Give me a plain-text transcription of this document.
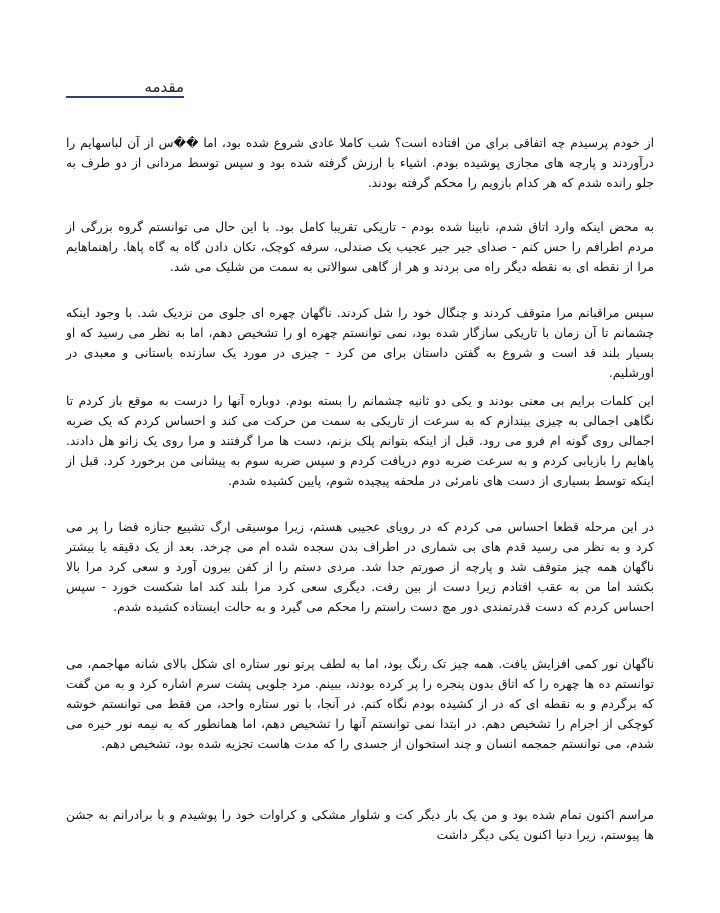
مقدمه

از خودم پرسیدم چه اتفاقی برای من افتاده است؟ شب کاملا عادی شروع شده بود، اما ��س از آن لباسهایم را درآوردند و پارچه های مجازی پوشیده بودم. اشیاء با ارزش گرفته شده بود و سپس توسط مردانی از دو طرف به جلو رانده شدم که هر کدام بازویم را محکم گرفته بودند.

به محض اینکه وارد اتاق شدم، نابینا شده بودم - تاریکی تقریبا کامل بود. با این حال می توانستم گروه بزرگی از مردم اطرافم را حس کنم - صدای جیر جیر عجیب یک صندلی، سرفه کوچک، تکان دادن گاه به گاه پاها. راهنماهایم مرا از نقطه ای به نقطه دیگر راه می بردند و هر از گاهی سوالاتی به سمت من شلیک می شد.

سپس مراقبانم مرا متوقف کردند و چنگال خود را شل کردند. ناگهان چهره ای جلوی من نزدیک شد. با وجود اینکه چشمانم تا آن زمان با تاریکی سازگار شده بود، نمی توانستم چهره او را تشخیص دهم، اما به نظر می رسید که او بسیار بلند قد است و شروع به گفتن داستان برای من کرد - چیزی در مورد یک سازنده باستانی و معبدی در اورشلیم.

این کلمات برایم بی معنی بودند و یکی دو ثانیه چشمانم را بسته بودم. دوباره آنها را درست به موقع باز کردم تا نگاهی اجمالی به چیزی بیندازم که به سرعت از تاریکی به سمت من حرکت می کند و احساس کردم که یک ضربه اجمالی روی گونه ام فرو می رود. قبل از اینکه بتوانم پلک بزنم، دست ها مرا گرفتند و مرا روی یک زانو هل دادند. پاهایم را بازیابی کردم و به سرعت ضربه دوم دریافت کردم و سپس ضربه سوم به پیشانی من برخورد کرد. قبل از اینکه توسط بسیاری از دست های نامرئی در ملحفه پیچیده شوم، پایین کشیده شدم.

در این مرحله قطعا احساس می کردم که در رویای عجیبی هستم، زیرا موسیقی ارگ تشییع جنازه فضا را پر می کرد و به نظر می رسید قدم های بی شماری در اطراف بدن سجده شده ام می چرخد. بعد از یک دقیقه یا بیشتر ناگهان همه چیز متوقف شد و پارچه از صورتم جدا شد. مردی دستم را از کفن بیرون آورد و سعی کرد مرا بالا بکشد اما من به عقب افتادم زیرا دست از بین رفت. دیگری سعی کرد مرا بلند کند اما شکست خورد - سپس احساس کردم که دست قدرتمندی دور مچ دست راستم را محکم می گیرد و به حالت ایستاده کشیده شدم.

ناگهان نور کمی افزایش یافت. همه چیز تک رنگ بود، اما به لطف پرتو نور ستاره ای شکل بالای شانه مهاجمم، می توانستم ده ها چهره را که اتاق بدون پنجره را پر کرده بودند، ببینم. مرد جلویی پشت سرم اشاره کرد و به من گفت که برگردم و به نقطه ای که در از کشیده بودم نگاه کنم. در آنجا، با نور ستاره واحد، من فقط می توانستم خوشه کوچکی از اجرام را تشخیص دهم. در ابتدا نمی توانستم آنها را تشخیص دهم، اما همانطور که به نیمه نور خیره می شدم، می توانستم جمجمه انسان و چند استخوان از جسدی را که مدت هاست تجزیه شده بود، تشخیص دهم.

مراسم اکنون تمام شده بود و من یک بار دیگر کت و شلوار مشکی و کراوات خود را پوشیدم و با برادرانم به جشن ها پیوستم، زیرا دنیا اکنون یکی دیگر داشت
